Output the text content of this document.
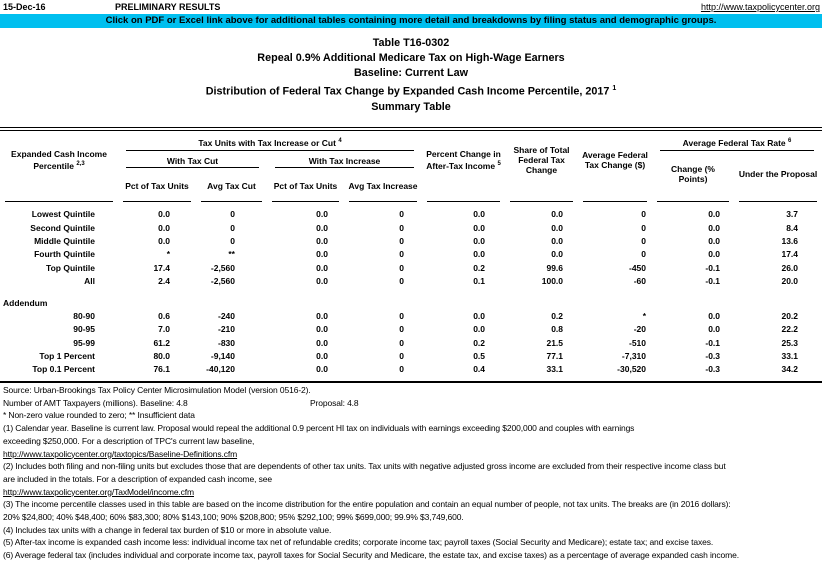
15-Dec-16	PRELIMINARY RESULTS	http://www.taxpolicycenter.org
Click on PDF or Excel link above for additional tables containing more detail and breakdowns by filing status and demographic groups.
Table T16-0302
Repeal 0.9% Additional Medicare Tax on High-Wage Earners
Baseline: Current Law
Distribution of Federal Tax Change by Expanded Cash Income Percentile, 2017 $^1$
Summary Table
Expanded Cash Income Percentile $^{2,3}$	Tax Units with Tax Increase or Cut $^4$				Percent Change in After-Tax Income $^5$	Share of Total Federal Tax Change	Average Federal Tax Change ($)	Average Federal Tax Rate $^6$
	With Tax Cut		With Tax Increase					Change (% Points)	Under the Proposal
	Pct of Tax Units	Avg Tax Cut	Pct of Tax Units	Avg Tax Increase					

Lowest Quintile	0.0	0	0.0	0	0.0	0.0	0	0.0	3.7
Second Quintile	0.0	0	0.0	0	0.0	0.0	0	0.0	8.4
Middle Quintile	0.0	0	0.0	0	0.0	0.0	0	0.0	13.6
Fourth Quintile	*	**	0.0	0	0.0	0.0	0	0.0	17.4
Top Quintile	17.4	-2,560	0.0	0	0.2	99.6	-450	-0.1	26.0
All	2.4	-2,560	0.0	0	0.1	100.0	-60	-0.1	20.0

Addendum									
80-90	0.6	-240	0.0	0	0.0	0.2	*	0.0	20.2
90-95	7.0	-210	0.0	0	0.0	0.8	-20	0.0	22.2
95-99	61.2	-830	0.0	0	0.2	21.5	-510	-0.1	25.3
Top 1 Percent	80.0	-9,140	0.0	0	0.5	77.1	-7,310	-0.3	33.1
Top 0.1 Percent	76.1	-40,120	0.0	0	0.4	33.1	-30,520	-0.3	34.2

Source: Urban-Brookings Tax Policy Center Microsimulation Model (version 0516-2).
Number of AMT Taxpayers (millions). Baseline: 4.8	Proposal: 4.8
* Non-zero value rounded to zero; ** Insufficient data
(1) Calendar year. Baseline is current law. Proposal would repeal the additional 0.9 percent HI tax on individuals with earnings exceeding $200,000 and couples with earnings
exceeding $250,000. For a description of TPC's current law baseline,
http://www.taxpolicycenter.org/taxtopics/Baseline-Definitions.cfm
(2) Includes both filing and non-filing units but excludes those that are dependents of other tax units. Tax units with negative adjusted gross income are excluded from their respective income class but
are included in the totals. For a description of expanded cash income, see
http://www.taxpolicycenter.org/TaxModel/income.cfm
(3) The income percentile classes used in this table are based on the income distribution for the entire population and contain an equal number of people, not tax units. The breaks are (in 2016 dollars):
20% $24,800; 40% $48,400; 60% $83,300; 80% $143,100; 90% $208,800; 95% $292,100; 99% $699,000; 99.9% $3,749,600.
(4) Includes tax units with a change in federal tax burden of $10 or more in absolute value.
(5) After-tax income is expanded cash income less: individual income tax net of refundable credits; corporate income tax; payroll taxes (Social Security and Medicare); estate tax; and excise taxes.
(6) Average federal tax (includes individual and corporate income tax, payroll taxes for Social Security and Medicare, the estate tax, and excise taxes) as a percentage of average expanded cash income.
